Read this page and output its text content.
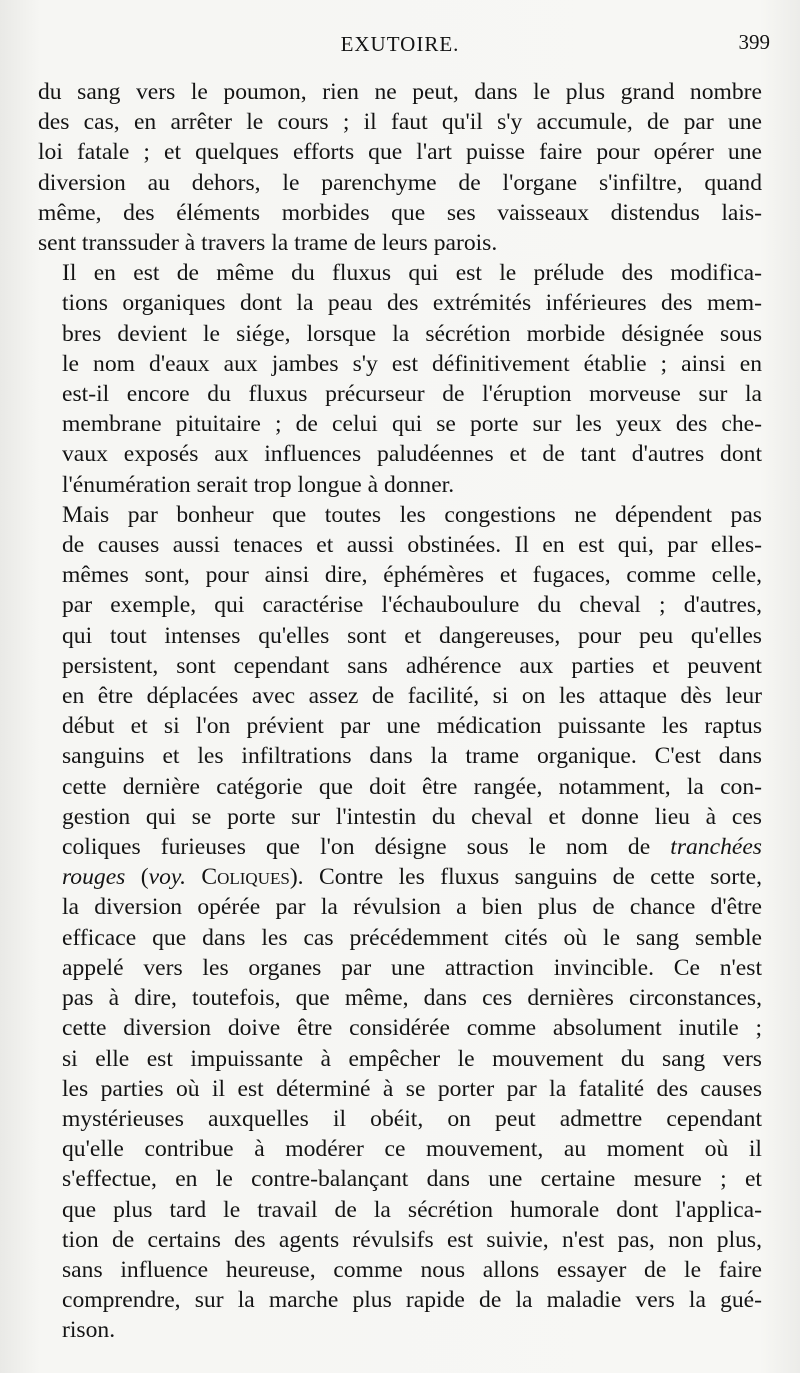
EXUTOIRE.	399

du sang vers le poumon, rien ne peut, dans le plus grand nombre
des cas, en arrêter le cours ; il faut qu'il s'y accumule, de par une
loi fatale ; et quelques efforts que l'art puisse faire pour opérer une
diversion au dehors, le parenchyme de l'organe s'infiltre, quand
même, des éléments morbides que ses vaisseaux distendus lais-
sent transsuder à travers la trame de leurs parois.

Il en est de même du fluxus qui est le prélude des modifica-
tions organiques dont la peau des extrémités inférieures des mem-
bres devient le siége, lorsque la sécrétion morbide désignée sous
le nom d'eaux aux jambes s'y est définitivement établie ; ainsi en
est-il encore du fluxus précurseur de l'éruption morveuse sur la
membrane pituitaire ; de celui qui se porte sur les yeux des che-
vaux exposés aux influences paludéennes et de tant d'autres dont
l'énumération serait trop longue à donner.

Mais par bonheur que toutes les congestions ne dépendent pas
de causes aussi tenaces et aussi obstinées. Il en est qui, par elles-
mêmes sont, pour ainsi dire, éphémères et fugaces, comme celle,
par exemple, qui caractérise l'échauboulure du cheval ; d'autres,
qui tout intenses qu'elles sont et dangereuses, pour peu qu'elles
persistent, sont cependant sans adhérence aux parties et peuvent
en être déplacées avec assez de facilité, si on les attaque dès leur
début et si l'on prévient par une médication puissante les raptus
sanguins et les infiltrations dans la trame organique. C'est dans
cette dernière catégorie que doit être rangée, notamment, la con-
gestion qui se porte sur l'intestin du cheval et donne lieu à ces
coliques furieuses que l'on désigne sous le nom de tranchées
rouges (voy. Coliques). Contre les fluxus sanguins de cette sorte,
la diversion opérée par la révulsion a bien plus de chance d'être
efficace que dans les cas précédemment cités où le sang semble
appelé vers les organes par une attraction invincible. Ce n'est
pas à dire, toutefois, que même, dans ces dernières circonstances,
cette diversion doive être considérée comme absolument inutile ;
si elle est impuissante à empêcher le mouvement du sang vers
les parties où il est déterminé à se porter par la fatalité des causes
mystérieuses auxquelles il obéit, on peut admettre cependant
qu'elle contribue à modérer ce mouvement, au moment où il
s'effectue, en le contre-balançant dans une certaine mesure ; et
que plus tard le travail de la sécrétion humorale dont l'applica-
tion de certains des agents révulsifs est suivie, n'est pas, non plus,
sans influence heureuse, comme nous allons essayer de le faire
comprendre, sur la marche plus rapide de la maladie vers la gué-
rison.
